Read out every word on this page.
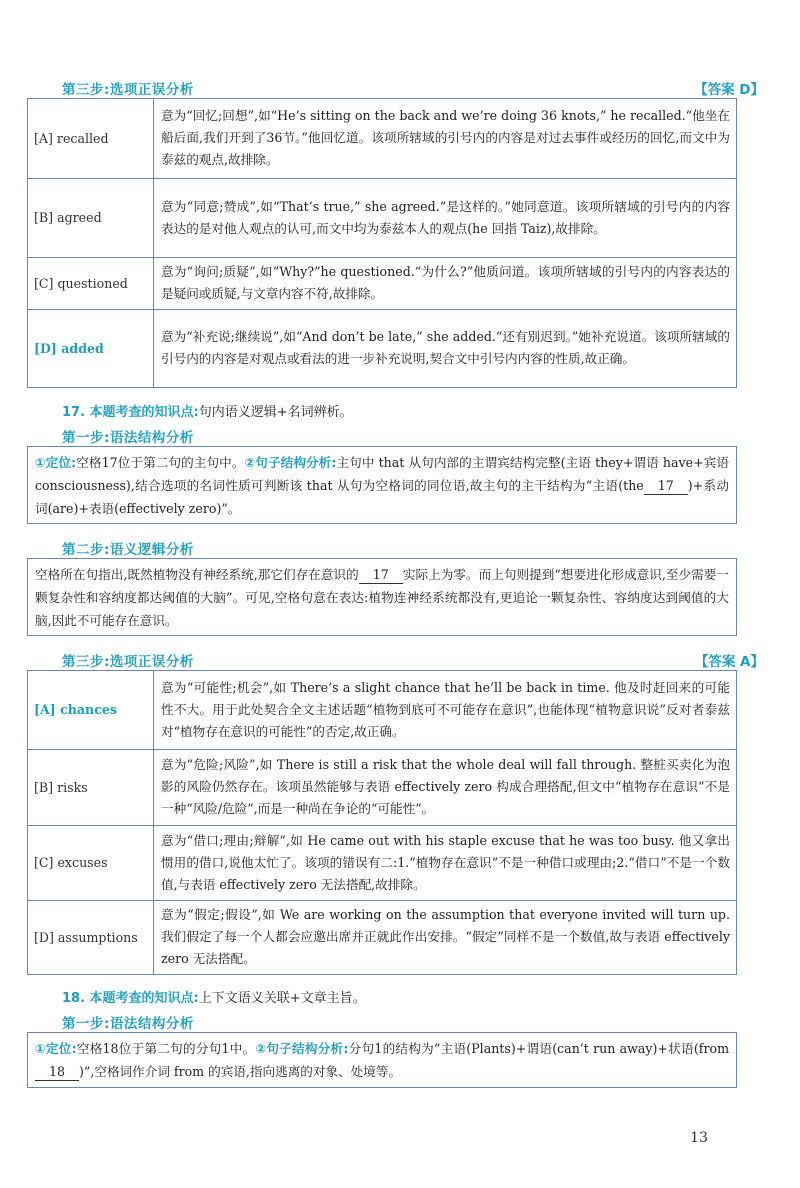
第三步:选项正误分析	【答案 D】
[A] recalled	意为“回忆;回想”,如“He’s sitting on the back and we’re doing 36 knots,” he recalled.“他坐在船后面,我们开到了36节。”他回忆道。该项所辖域的引号内的内容是对过去事件或经历的回忆,而文中为泰兹的观点,故排除。
[B] agreed	意为“同意;赞成”,如“That’s true,” she agreed.“是这样的。”她同意道。该项所辖域的引号内的内容表达的是对他人观点的认可,而文中均为泰兹本人的观点(he 回指 Taiz),故排除。
[C] questioned	意为“询问;质疑”,如“Why?”he questioned.“为什么?”他质问道。该项所辖域的引号内的内容表达的是疑问或质疑,与文章内容不符,故排除。
[D] added	意为“补充说;继续说”,如“And don’t be late,” she added.“还有别迟到。”她补充说道。该项所辖域的引号内的内容是对观点或看法的进一步补充说明,契合文中引号内内容的性质,故正确。
17. 本题考查的知识点:句内语义逻辑+名词辨析。
第一步:语法结构分析
①定位:空格17位于第二句的主句中。②句子结构分析:主句中 that 从句内部的主谓宾结构完整(主语 they+谓语 have+宾语 consciousness),结合选项的名词性质可判断该 that 从句为空格词的同位语,故主句的主干结构为“主语(the 17 )+系动词(are)+表语(effectively zero)”。
第二步:语义逻辑分析
空格所在句指出,既然植物没有神经系统,那它们存在意识的 17 实际上为零。而上句则提到“想要进化形成意识,至少需要一颗复杂性和容纳度都达阈值的大脑”。可见,空格句意在表达:植物连神经系统都没有,更追论一颗复杂性、容纳度达到阈值的大脑,因此不可能存在意识。
第三步:选项正误分析	【答案 A】
[A] chances	意为“可能性;机会”,如 There’s a slight chance that he’ll be back in time. 他及时赶回来的可能性不大。用于此处契合全文主述话题“植物到底可不可能存在意识”,也能体现“植物意识说”反对者泰兹对“植物存在意识的可能性”的否定,故正确。
[B] risks	意为“危险;风险”,如 There is still a risk that the whole deal will fall through. 整桩买卖化为泡影的风险仍然存在。该项虽然能够与表语 effectively zero 构成合理搭配,但文中“植物存在意识”不是一种“风险/危险”,而是一种尚在争论的“可能性”。
[C] excuses	意为“借口;理由;辩解”,如 He came out with his staple excuse that he was too busy. 他又拿出惯用的借口,说他太忙了。该项的错误有二:1.“植物存在意识”不是一种借口或理由;2.“借口”不是一个数值,与表语 effectively zero 无法搭配,故排除。
[D] assumptions	意为“假定;假设”,如 We are working on the assumption that everyone invited will turn up. 我们假定了每一个人都会应邀出席并正就此作出安排。“假定”同样不是一个数值,故与表语 effectively zero 无法搭配。
18. 本题考查的知识点:上下文语义关联+文章主旨。
第一步:语法结构分析
①定位:空格18位于第二句的分句1中。②句子结构分析:分句1的结构为“主语(Plants)+谓语(can’t run away)+状语(from18 )”,空格词作介词 from 的宾语,指向逃离的对象、处境等。
13
